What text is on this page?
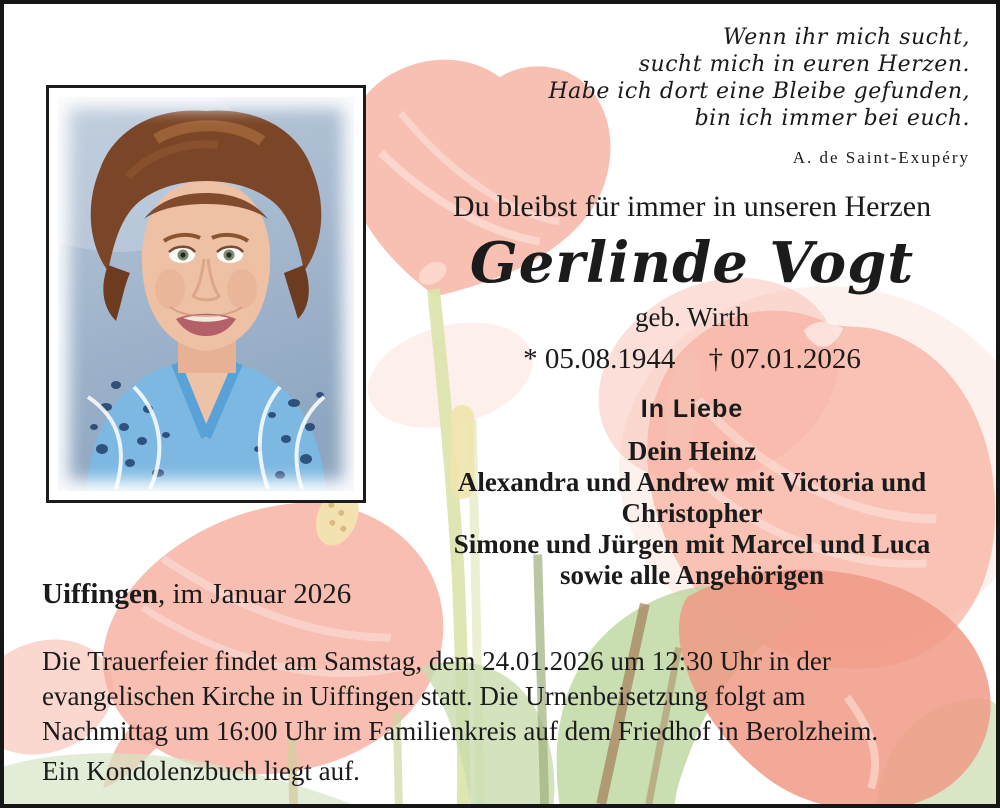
Wenn ihr mich sucht,
sucht mich in euren Herzen.
Habe ich dort eine Bleibe gefunden,
bin ich immer bei euch.
A. de Saint-Exupéry
Du bleibst für immer in unseren Herzen
Gerlinde Vogt
geb. Wirth
* 05.08.1944 † 07.01.2026
In Liebe
Dein Heinz
Alexandra und Andrew mit Victoria und
Christopher
Simone und Jürgen mit Marcel und Luca
sowie alle Angehörigen
Uiffingen, im Januar 2026
Die Trauerfeier findet am Samstag, dem 24.01.2026 um 12:30 Uhr in der
evangelischen Kirche in Uiffingen statt. Die Urnenbeisetzung folgt am
Nachmittag um 16:00 Uhr im Familienkreis auf dem Friedhof in Berolzheim.
Ein Kondolenzbuch liegt auf.
